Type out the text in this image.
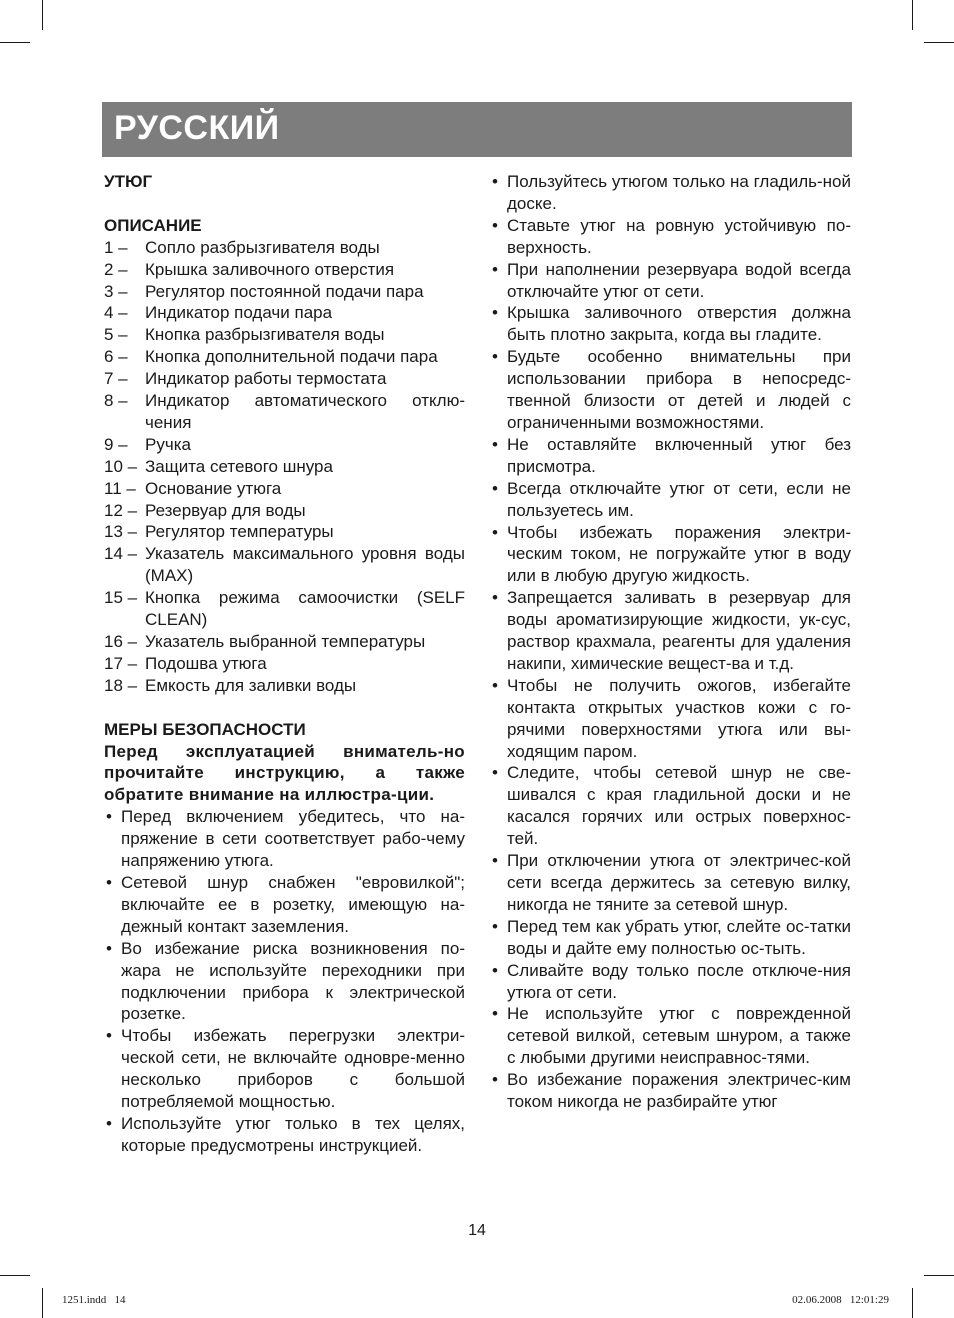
РУССКИЙ
УТЮГ
ОПИСАНИЕ
1 –	Сопло разбрызгивателя воды
2 –	Крышка заливочного отверстия
3 –	Регулятор постоянной подачи пара
4 –	Индикатор подачи пара
5 –	Кнопка разбрызгивателя воды
6 –	Кнопка дополнительной подачи пара
7 –	Индикатор работы термостата
8 –	Индикатор автоматического отклю-чения
9 –	Ручка
10 – Защита сетевого шнура
11 – Основание утюга
12 – Резервуар для воды
13 – Регулятор температуры
14 – Указатель максимального уровня воды (MAX)
15 – Кнопка режима самоочистки (SELF CLEAN)
16 – Указатель выбранной температуры
17 – Подошва утюга
18 – Емкость для заливки воды
МЕРЫ БЕЗОПАСНОСТИ
Перед эксплуатацией вниматель-но прочитайте инструкцию, а также обратите внимание на иллюстра-ции.
• Перед включением убедитесь, что на-пряжение в сети соответствует рабо-чему напряжению утюга.
• Сетевой шнур снабжен "евровилкой"; включайте ее в розетку, имеющую на-дежный контакт заземления.
• Во избежание риска возникновения по-жара не используйте переходники при подключении прибора к электрической розетке.
• Чтобы избежать перегрузки электри-ческой сети, не включайте одновре-менно несколько приборов с большой потребляемой мощностью.
• Используйте утюг только в тех целях, которые предусмотрены инструкцией.
• Пользуйтесь утюгом только на гладиль-ной доске.
• Ставьте утюг на ровную устойчивую по-верхность.
• При наполнении резервуара водой всегда отключайте утюг от сети.
• Крышка заливочного отверстия должна быть плотно закрыта, когда вы гладите.
• Будьте особенно внимательны при использовании прибора в непосредс-твенной близости от детей и людей с ограниченными возможностями.
• Не оставляйте включенный утюг без присмотра.
• Всегда отключайте утюг от сети, если не пользуетесь им.
• Чтобы избежать поражения электри-ческим током, не погружайте утюг в воду или в любую другую жидкость.
• Запрещается заливать в резервуар для воды ароматизирующие жидкости, ук-сус, раствор крахмала, реагенты для удаления накипи, химические вещест-ва и т.д.
• Чтобы не получить ожогов, избегайте контакта открытых участков кожи с го-рячими поверхностями утюга или вы-ходящим паром.
• Следите, чтобы сетевой шнур не све-шивался с края гладильной доски и не касался горячих или острых поверхнос-тей.
• При отключении утюга от электричес-кой сети всегда держитесь за сетевую вилку, никогда не тяните за сетевой шнур.
• Перед тем как убрать утюг, слейте ос-татки воды и дайте ему полностью ос-тыть.
• Сливайте воду только после отключе-ния утюга от сети.
• Не используйте утюг с поврежденной сетевой вилкой, сетевым шнуром, а также с любыми другими неисправнос-тями.
• Во избежание поражения электричес-ким током никогда не разбирайте утюг
14
1251.indd   14	02.06.2008   12:01:29
